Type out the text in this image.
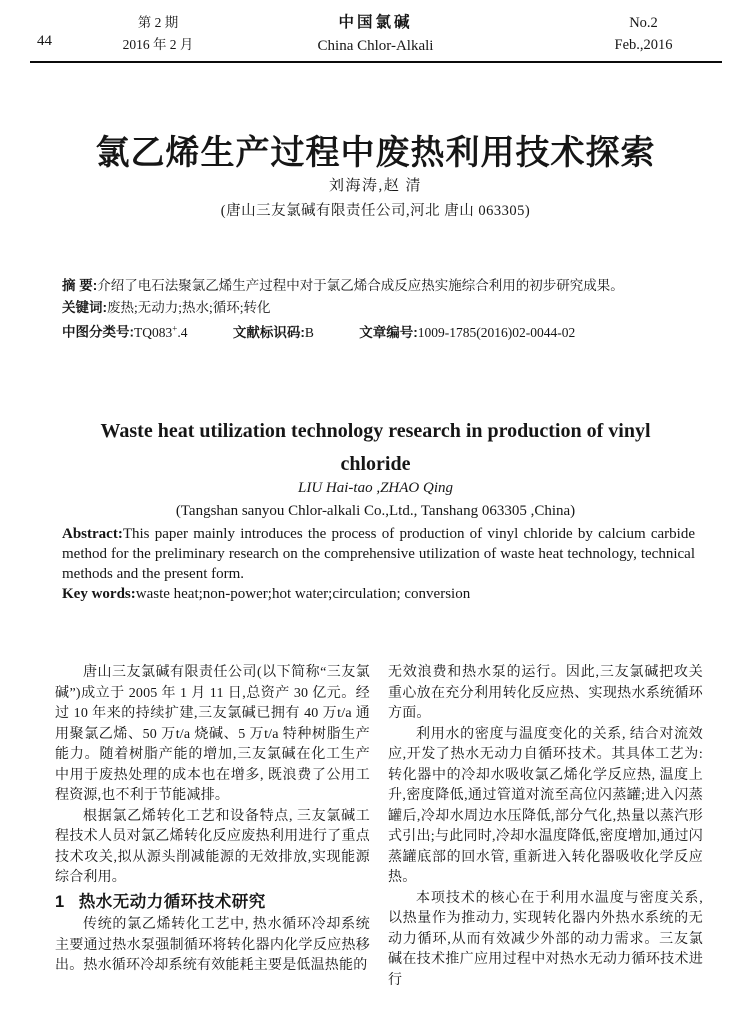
44
第 2 期
2016 年 2 月
中国氯碱
China Chlor-Alkali
No.2
Feb.,2016
氯乙烯生产过程中废热利用技术探索
刘海涛,赵 清
(唐山三友氯碱有限责任公司,河北 唐山 063305)
摘 要:介绍了电石法聚氯乙烯生产过程中对于氯乙烯合成反应热实施综合利用的初步研究成果。
关键词:废热;无动力;热水;循环;转化
中图分类号:TQ083+.4	文献标识码:B	文章编号:1009-1785(2016)02-0044-02
Waste heat utilization technology research in production of vinyl chloride
LIU Hai-tao ,ZHAO Qing
(Tangshan sanyou Chlor-alkali Co.,Ltd., Tanshang 063305 ,China)

Abstract:This paper mainly introduces the process of production of vinyl chloride by calcium carbide method for the preliminary research on the comprehensive utilization of waste heat technology, technical methods and the present form.

Key words:waste heat;non-power;hot water;circulation; conversion

唐山三友氯碱有限责任公司(以下简称“三友氯碱”)成立于 2005 年 1 月 11 日,总资产 30 亿元。经过 10 年来的持续扩建,三友氯碱已拥有 40 万t/a 通用聚氯乙烯、50 万t/a 烧碱、5 万t/a 特种树脂生产能力。随着树脂产能的增加,三友氯碱在化工生产中用于废热处理的成本也在增多, 既浪费了公用工程资源,也不利于节能减排。

根据氯乙烯转化工艺和设备特点, 三友氯碱工程技术人员对氯乙烯转化反应废热利用进行了重点技术攻关,拟从源头削减能源的无效排放,实现能源综合利用。

1 热水无动力循环技术研究

传统的氯乙烯转化工艺中, 热水循环冷却系统主要通过热水泵强制循环将转化器内化学反应热移出。热水循环冷却系统有效能耗主要是低温热能的

无效浪费和热水泵的运行。因此,三友氯碱把攻关重心放在充分利用转化反应热、实现热水系统循环方面。

利用水的密度与温度变化的关系, 结合对流效应,开发了热水无动力自循环技术。其具体工艺为:转化器中的冷却水吸收氯乙烯化学反应热, 温度上升,密度降低,通过管道对流至高位闪蒸罐;进入闪蒸罐后,冷却水周边水压降低,部分气化,热量以蒸汽形式引出;与此同时,冷却水温度降低,密度增加,通过闪蒸罐底部的回水管, 重新进入转化器吸收化学反应热。

本项技术的核心在于利用水温度与密度关系,以热量作为推动力, 实现转化器内外热水系统的无动力循环,从而有效减少外部的动力需求。三友氯碱在技术推广应用过程中对热水无动力循环技术进行
